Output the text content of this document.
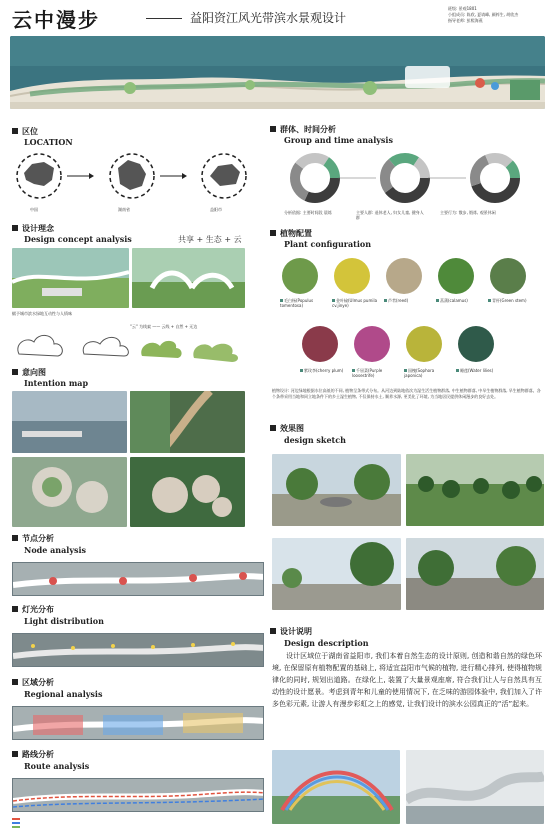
云中漫步	益阳资江风光带滨水景观设计
班级: 景观1801
小组成员: 陈欣, 夏请峰, 颜梓生, 胡欣杰
指导老师: 彭熙海燕
区位
LOCATION
中国	湖南省	益阳市
设计理念
Design concept analysis	共享 + 生态 + 云
赋予城市滨水绿地互动性与人情味
"云" 为线索 —— 云线 + 自然 + 无边
意向图
Intention map
节点分析
Node analysis
灯光分布
Light distribution
区域分析
Regional analysis
路线分析
Route analysis
群体、时间分析
Group and time analysis
分析依据: 主要时间段 晨练	主要人群: 退休老人, 妇女儿童, 健身人群
主要行为: 散步, 锻炼, 观景休闲
植物配置
Plant configuration
毛白杨(Populus tomentosa)
金叶榆(Ulmus pumila cv.jinye)
芦苇(reed)	菖蒲(calamus)	青杆(Green stem)
紫玫李(cherry plum)	千屈菜(Purple loosestrife)
国槐(Sophora japonica)
睡莲(Water lilies)
植物设计: 河边绿地根据水位高低的不同, 植物呈条带式分布。从河边到陆地依次为湿生活生植物群落, 中生植物群落, 中旱生植物群落, 旱生植物群落。各个条带采用当地和同立地条件下的乡土湿生植物, 不仅保持水土, 顺养水源, 更美化了环境, 为当地居民提供休闲漫步的良好去处。
效果图
design sketch
设计说明
Design description
设计区域位于湖南省益阳市, 我们本着自然生态的设计原则, 创造和谐自然的绿色环境, 在保留原有植物配置的基础上, 将适宜益阳市气候的植物, 进行精心排列, 使得植物规律化的同时, 规划出道路。在绿化上, 装置了大量景观座席, 符合我们让人与自然具有互动性的设计愿景。考虑到青年和儿童的使用情况下, 在乏味的游园体验中, 我们加入了许多色彩元素, 让游人有漫步彩虹之上的感觉, 让我们设计的滨水公园真正的“活”起来。
